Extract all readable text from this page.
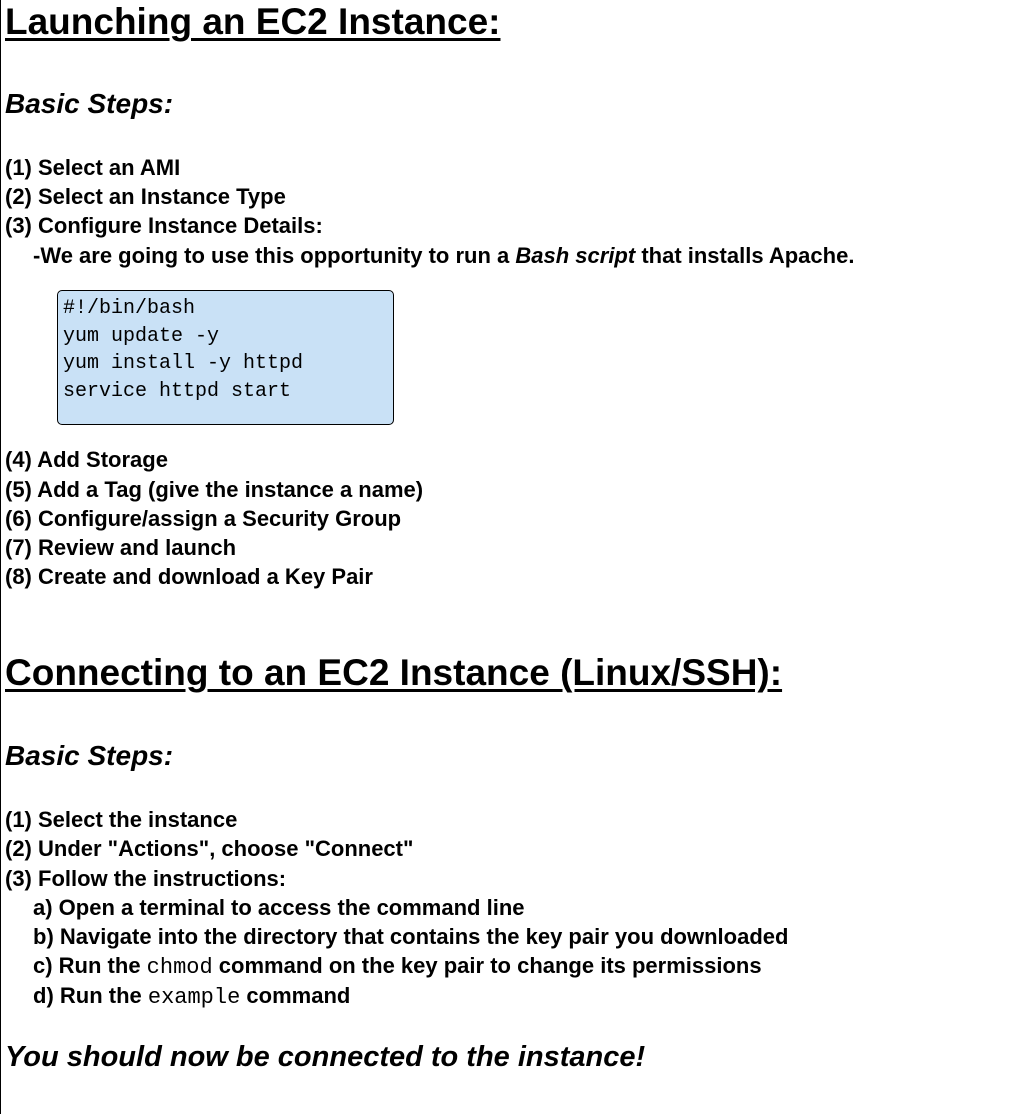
Launching an EC2 Instance:
Basic Steps:
(1) Select an AMI
(2) Select an Instance Type
(3) Configure Instance Details:
-We are going to use this opportunity to run a Bash script that installs Apache.
#!/bin/bash
yum update -y
yum install -y httpd
service httpd start
(4) Add Storage
(5) Add a Tag (give the instance a name)
(6) Configure/assign a Security Group
(7) Review and launch
(8) Create and download a Key Pair
Connecting to an EC2 Instance (Linux/SSH):
Basic Steps:
(1) Select the instance
(2) Under "Actions", choose "Connect"
(3) Follow the instructions:
a) Open a terminal to access the command line
b) Navigate into the directory that contains the key pair you downloaded
c) Run the chmod command on the key pair to change its permissions
d) Run the example command
You should now be connected to the instance!
